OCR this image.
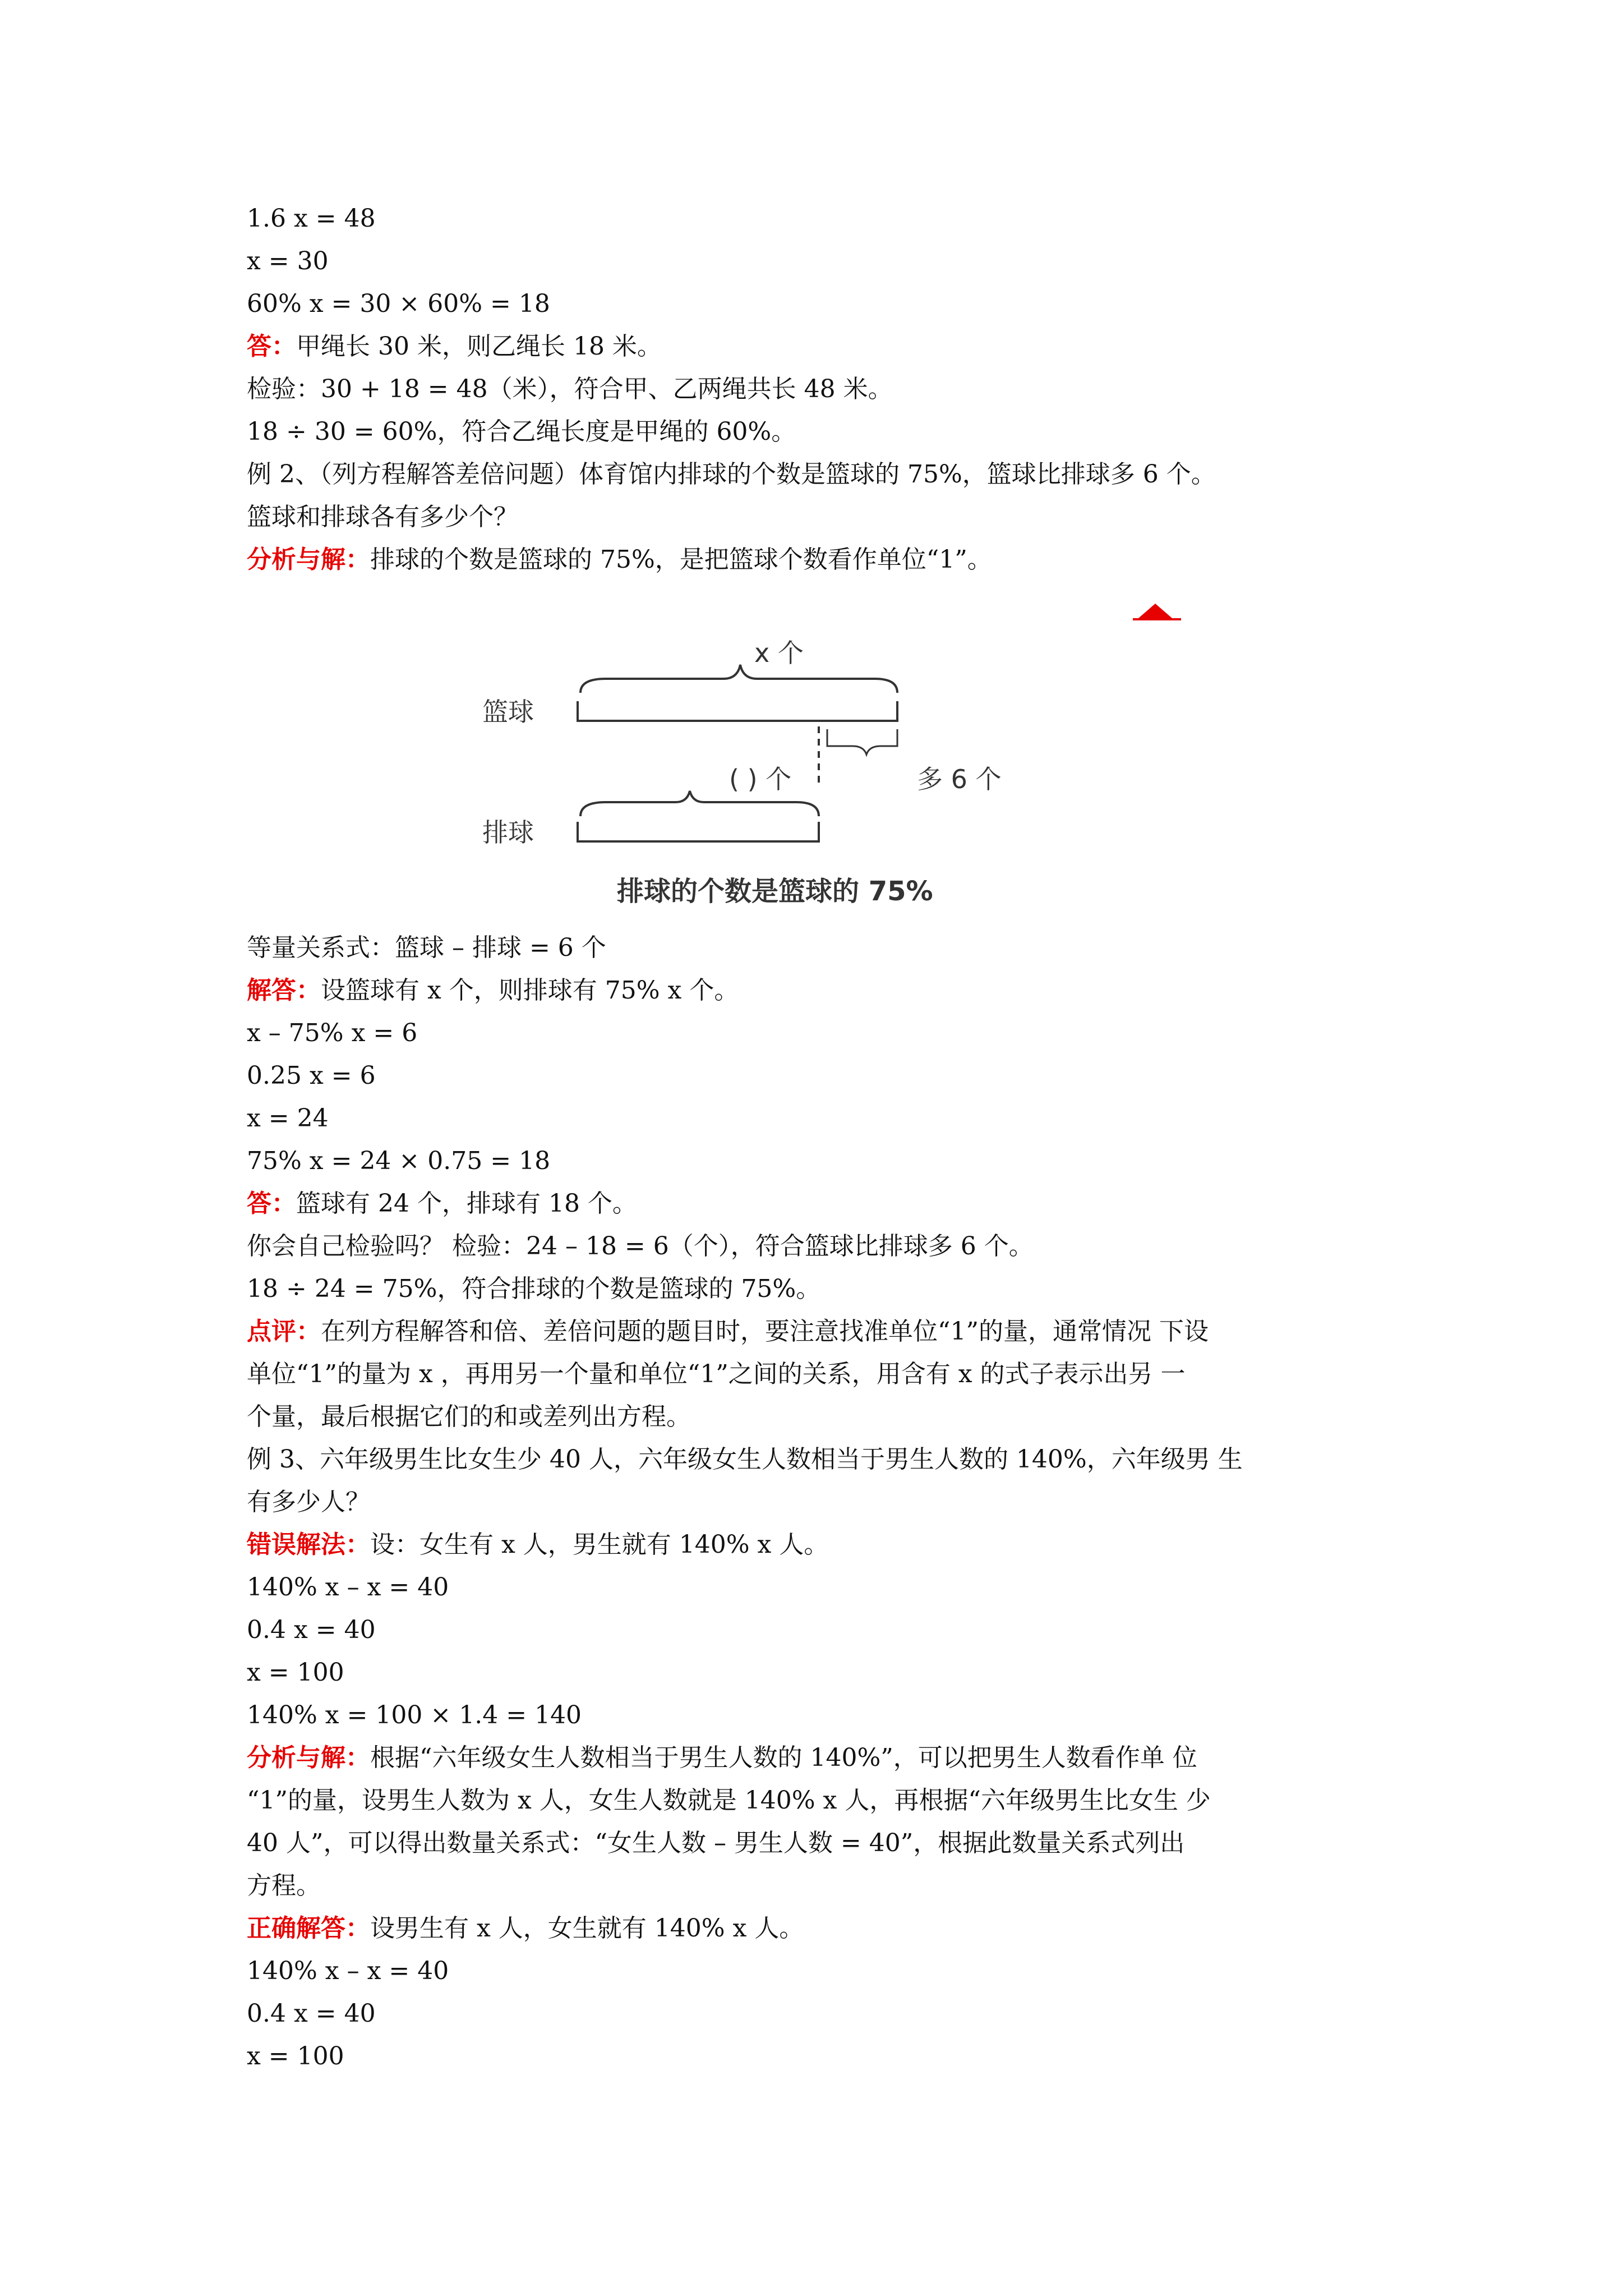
1.6 x = 48
x = 30
60% x = 30 × 60% = 18
答：甲绳长 30 米，则乙绳长 18 米。
检验：30 + 18 = 48（米），符合甲、乙两绳共长 48 米。
18 ÷ 30 = 60%，符合乙绳长度是甲绳的 60%。
例 2、（列方程解答差倍问题）体育馆内排球的个数是篮球的 75%，篮球比排球多 6 个。
篮球和排球各有多少个？
分析与解：排球的个数是篮球的 75%，是把篮球个数看作单位“1”。
x 个
篮球
( ) 个	多 6 个
排球
排球的个数是篮球的 75%
等量关系式：篮球 – 排球 = 6 个
解答：设篮球有 x 个，则排球有 75% x 个。
x – 75% x = 6
0.25 x = 6
x = 24
75% x = 24 × 0.75 = 18
答：篮球有 24 个，排球有 18 个。
你会自己检验吗？ 检验：24 – 18 = 6（个），符合篮球比排球多 6 个。
18 ÷ 24 = 75%，符合排球的个数是篮球的 75%。
点评：在列方程解答和倍、差倍问题的题目时，要注意找准单位“1”的量，通常情况 下设
单位“1”的量为 x ，再用另一个量和单位“1”之间的关系，用含有 x 的式子表示出另 一
个量，最后根据它们的和或差列出方程。
例 3、六年级男生比女生少 40 人，六年级女生人数相当于男生人数的 140%，六年级男 生
有多少人？
错误解法：设：女生有 x 人，男生就有 140% x 人。
140% x – x = 40
0.4 x = 40
x = 100
140% x = 100 × 1.4 = 140
分析与解：根据“六年级女生人数相当于男生人数的 140%”，可以把男生人数看作单 位
“1”的量，设男生人数为 x 人，女生人数就是 140% x 人，再根据“六年级男生比女生 少
40 人”，可以得出数量关系式：“女生人数 – 男生人数 = 40”，根据此数量关系式列出
方程。
正确解答：设男生有 x 人，女生就有 140% x 人。
140% x – x = 40
0.4 x = 40
x = 100
